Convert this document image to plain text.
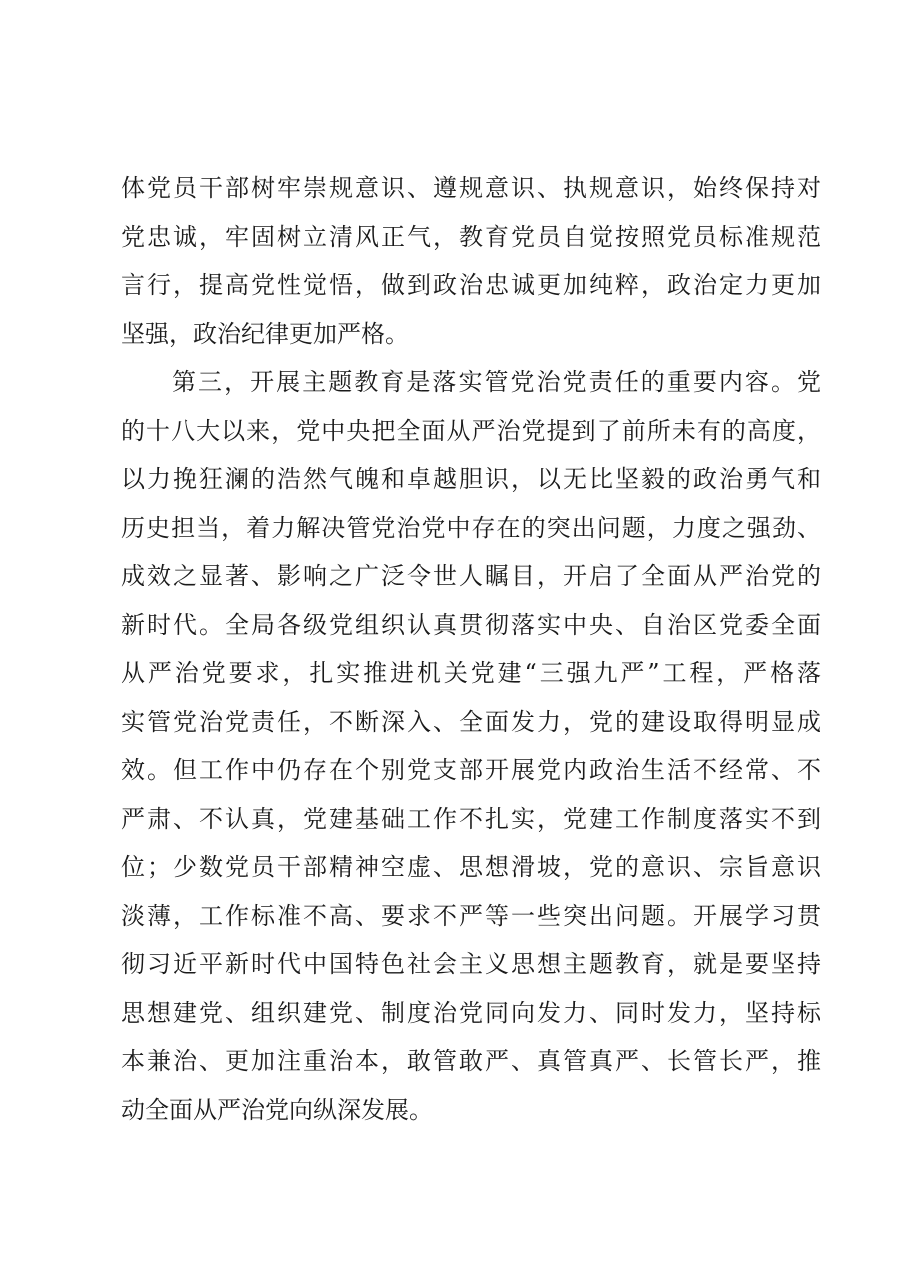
体党员干部树牢崇规意识、遵规意识、执规意识，始终保持对
党忠诚，牢固树立清风正气，教育党员自觉按照党员标准规范
言行，提高党性觉悟，做到政治忠诚更加纯粹，政治定力更加
坚强，政治纪律更加严格。
第三，开展主题教育是落实管党治党责任的重要内容。党
的十八大以来，党中央把全面从严治党提到了前所未有的高度，
以力挽狂澜的浩然气魄和卓越胆识，以无比坚毅的政治勇气和
历史担当，着力解决管党治党中存在的突出问题，力度之强劲、
成效之显著、影响之广泛令世人瞩目，开启了全面从严治党的
新时代。全局各级党组织认真贯彻落实中央、自治区党委全面
从严治党要求，扎实推进机关党建“三强九严”工程，严格落
实管党治党责任，不断深入、全面发力，党的建设取得明显成
效。但工作中仍存在个别党支部开展党内政治生活不经常、不
严肃、不认真，党建基础工作不扎实，党建工作制度落实不到
位；少数党员干部精神空虚、思想滑坡，党的意识、宗旨意识
淡薄，工作标准不高、要求不严等一些突出问题。开展学习贯
彻习近平新时代中国特色社会主义思想主题教育，就是要坚持
思想建党、组织建党、制度治党同向发力、同时发力，坚持标
本兼治、更加注重治本，敢管敢严、真管真严、长管长严，推
动全面从严治党向纵深发展。
